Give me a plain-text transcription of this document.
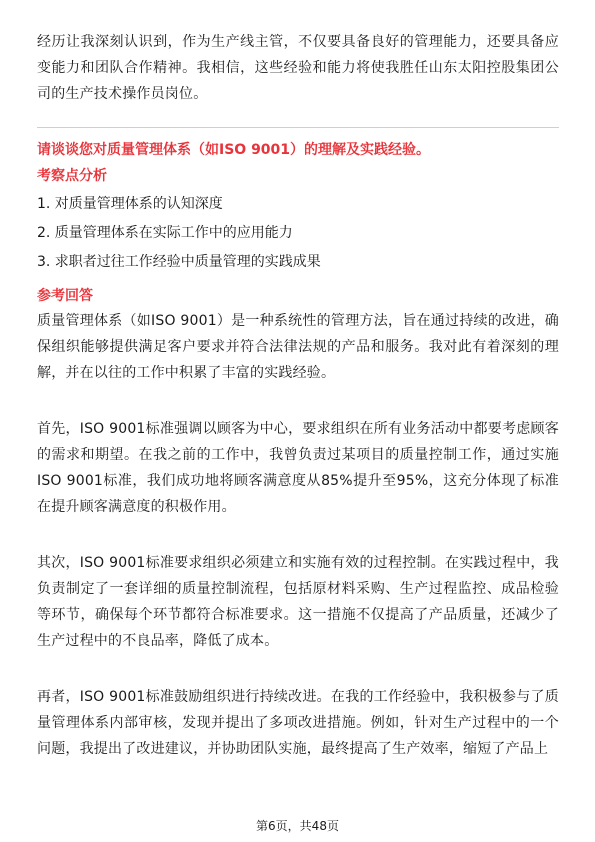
经历让我深刻认识到，作为生产线主管，不仅要具备良好的管理能力，还要具备应变能力和团队合作精神。我相信，这些经验和能力将使我胜任山东太阳控股集团公司的生产技术操作员岗位。

请谈谈您对质量管理体系（如ISO 9001）的理解及实践经验。
考察点分析
1. 对质量管理体系的认知深度
2. 质量管理体系在实际工作中的应用能力
3. 求职者过往工作经验中质量管理的实践成果
参考回答

质量管理体系（如ISO 9001）是一种系统性的管理方法，旨在通过持续的改进，确保组织能够提供满足客户要求并符合法律法规的产品和服务。我对此有着深刻的理解，并在以往的工作中积累了丰富的实践经验。

首先，ISO 9001标准强调以顾客为中心，要求组织在所有业务活动中都要考虑顾客的需求和期望。在我之前的工作中，我曾负责过某项目的质量控制工作，通过实施ISO 9001标准，我们成功地将顾客满意度从85%提升至95%，这充分体现了标准在提升顾客满意度的积极作用。

其次，ISO 9001标准要求组织必须建立和实施有效的过程控制。在实践过程中，我负责制定了一套详细的质量控制流程，包括原材料采购、生产过程监控、成品检验等环节，确保每个环节都符合标准要求。这一措施不仅提高了产品质量，还减少了生产过程中的不良品率，降低了成本。

再者，ISO 9001标准鼓励组织进行持续改进。在我的工作经验中，我积极参与了质量管理体系内部审核，发现并提出了多项改进措施。例如，针对生产过程中的一个问题，我提出了改进建议，并协助团队实施，最终提高了生产效率，缩短了产品上

第6页，共48页
